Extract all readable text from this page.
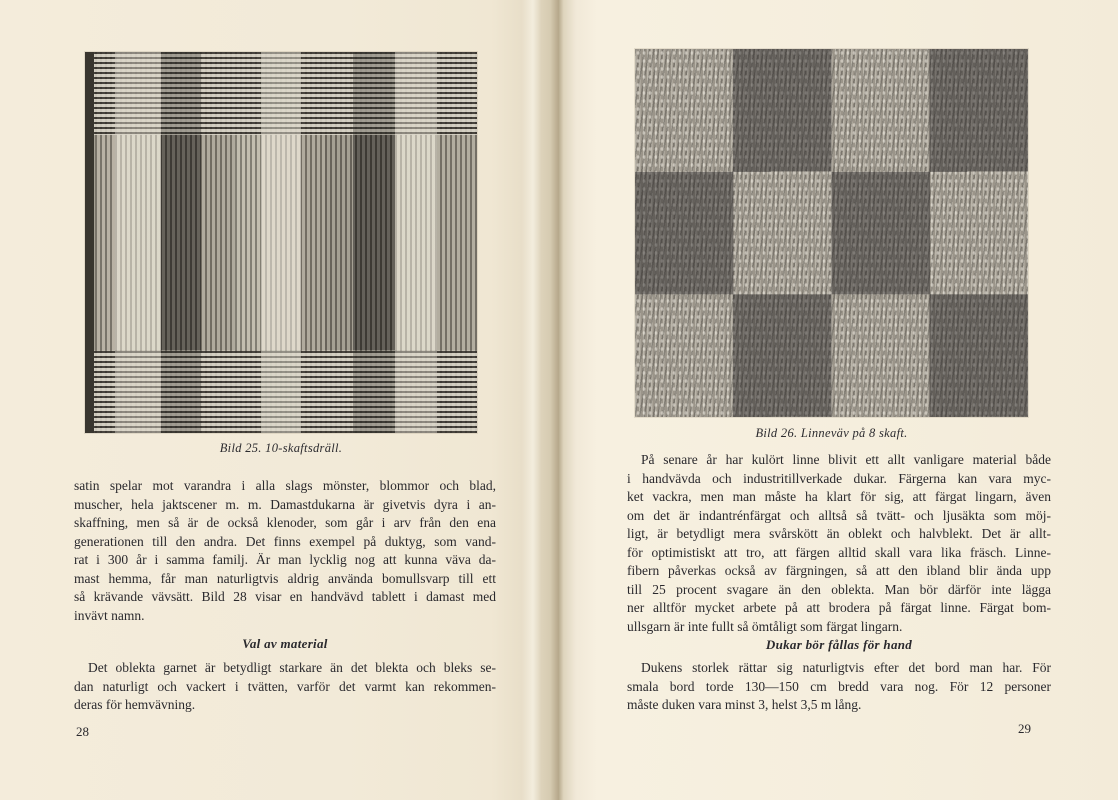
Bild 25. 10-skaftsdräll.
satin spelar mot varandra i alla slags mönster, blommor och blad,
muscher, hela jaktscener m. m. Damastdukarna är givetvis dyra i an-
skaffning, men så är de också klenoder, som går i arv från den ena
generationen till den andra. Det finns exempel på duktyg, som vand-
rat i 300 år i samma familj. Är man lycklig nog att kunna väva da-
mast hemma, får man naturligtvis aldrig använda bomullsvarp till ett
så krävande vävsätt. Bild 28 visar en handvävd tablett i damast med
invävt namn.
Val av material
Det oblekta garnet är betydligt starkare än det blekta och bleks se-
dan naturligt och vackert i tvätten, varför det varmt kan rekommen-
deras för hemvävning.
28
Bild 26. Linneväv på 8 skaft.
På senare år har kulört linne blivit ett allt vanligare material både
i handvävda och industritillverkade dukar. Färgerna kan vara myc-
ket vackra, men man måste ha klart för sig, att färgat lingarn, även
om det är indantrénfärgat och alltså så tvätt- och ljusäkta som möj-
ligt, är betydligt mera svårskött än oblekt och halvblekt. Det är allt-
för optimistiskt att tro, att färgen alltid skall vara lika fräsch. Linne-
fibern påverkas också av färgningen, så att den ibland blir ända upp
till 25 procent svagare än den oblekta. Man bör därför inte lägga
ner alltför mycket arbete på att brodera på färgat linne. Färgat bom-
ullsgarn är inte fullt så ömtåligt som färgat lingarn.
Dukar bör fållas för hand
Dukens storlek rättar sig naturligtvis efter det bord man har. För
smala bord torde 130—150 cm bredd vara nog. För 12 personer
måste duken vara minst 3, helst 3,5 m lång.
29
